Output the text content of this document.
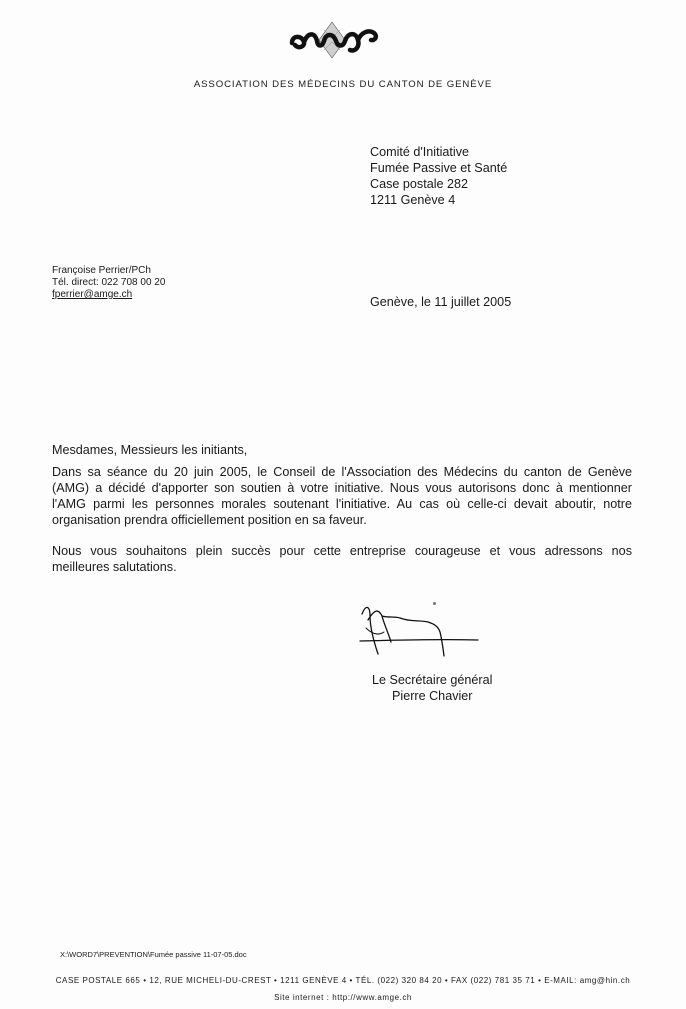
ASSOCIATION DES MÉDECINS DU CANTON DE GENÈVE
Comité d'Initiative
Fumée Passive et Santé
Case postale 282
1211 Genève 4
Françoise Perrier/PCh
Tél. direct: 022 708 00 20
fperrier@amge.ch
Genève, le 11 juillet 2005
Mesdames, Messieurs les initiants,
Dans sa séance du 20 juin 2005, le Conseil de l'Association des Médecins du canton de Genève
(AMG) a décidé d'apporter son soutien à votre initiative. Nous vous autorisons donc à mentionner
l'AMG parmi les personnes morales soutenant l'initiative. Au cas où celle-ci devait aboutir, notre
organisation prendra officiellement position en sa faveur.
Nous vous souhaitons plein succès pour cette entreprise courageuse et vous adressons nos
meilleures salutations.
Le Secrétaire général
Pierre Chavier
X:\WORD7\PREVENTION\Fumée passive 11-07-05.doc
CASE POSTALE 665 • 12, RUE MICHELI-DU-CREST • 1211 GENÈVE 4 • TÉL. (022) 320 84 20 • FAX (022) 781 35 71 • E-MAIL: amg@hin.ch
Site internet : http://www.amge.ch
